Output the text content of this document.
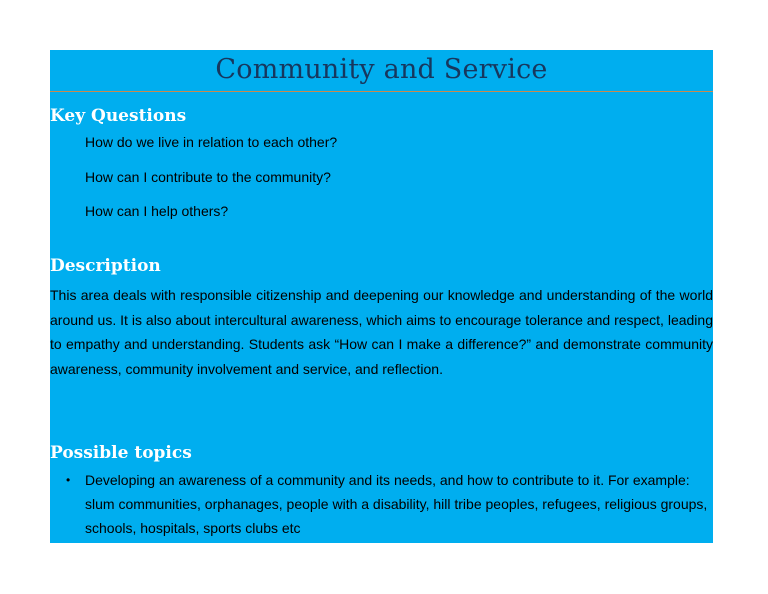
Community and Service
Key Questions
How do we live in relation to each other?
How can I contribute to the community?
How can I help others?
Description

This area deals with responsible citizenship and deepening our knowledge and understanding of the world around us. It is also about intercultural awareness, which aims to encourage tolerance and respect, leading to empathy and understanding. Students ask “How can I make a difference?” and demonstrate community awareness, community involvement and service, and reflection.

Possible topics
• Developing an awareness of a community and its needs, and how to contribute to it. For example: slum communities, orphanages, people with a disability, hill tribe peoples, refugees, religious groups, schools, hospitals, sports clubs etc
